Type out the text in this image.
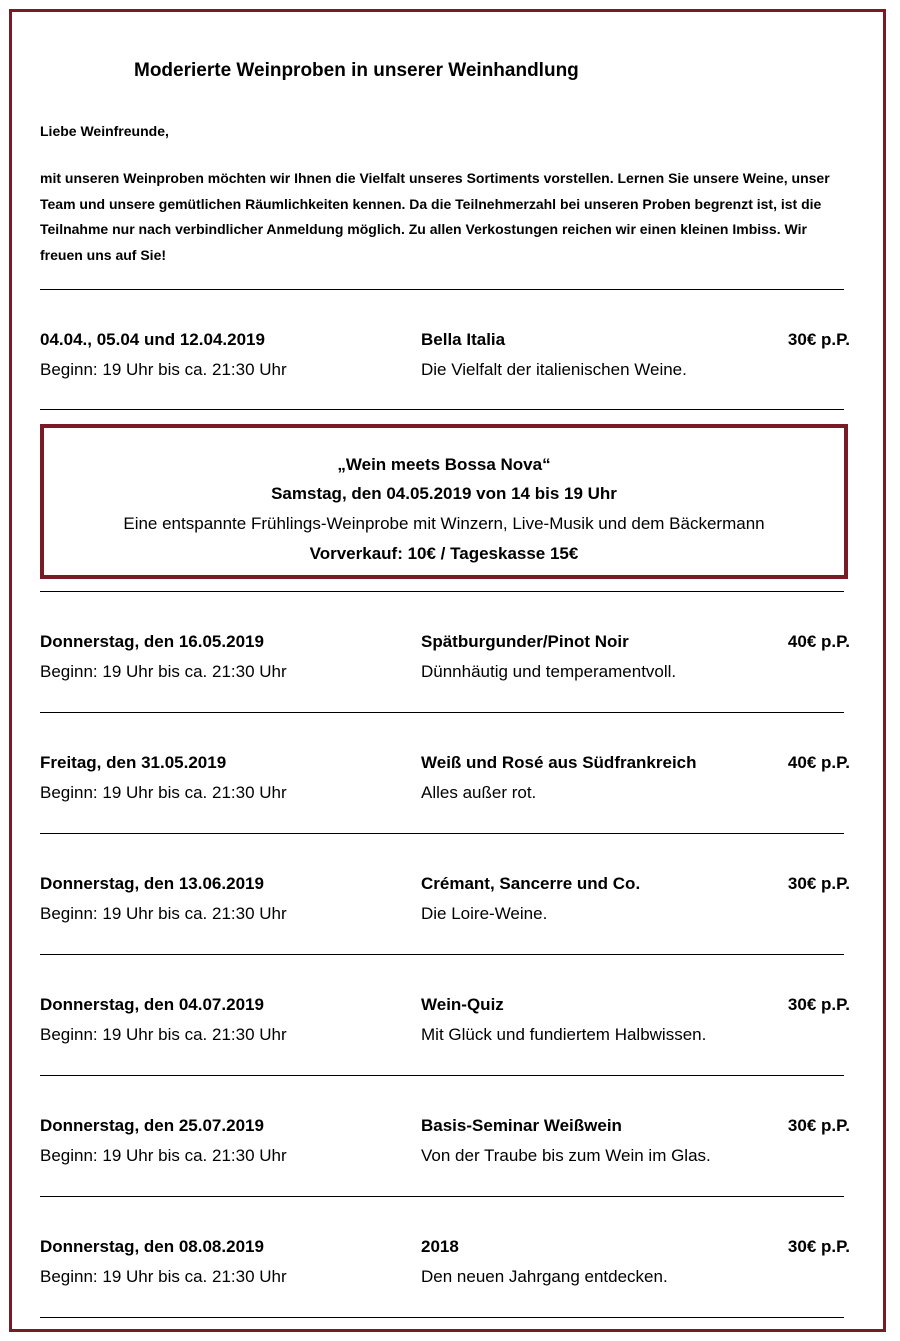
Moderierte Weinproben in unserer Weinhandlung
Liebe Weinfreunde,
mit unseren Weinproben möchten wir Ihnen die Vielfalt unseres Sortiments vorstellen. Lernen Sie unsere Weine, unser Team und unsere gemütlichen Räumlichkeiten kennen. Da die Teilnehmerzahl bei unseren Proben begrenzt ist, ist die Teilnahme nur nach verbindlicher Anmeldung möglich. Zu allen Verkostungen reichen wir einen kleinen Imbiss. Wir freuen uns auf Sie!
04.04., 05.04 und 12.04.2019
Beginn: 19 Uhr bis ca. 21:30 Uhr
Bella Italia
Die Vielfalt der italienischen Weine.
30€ p.P.
„Wein meets Bossa Nova“
Samstag, den 04.05.2019 von 14 bis 19 Uhr
Eine entspannte Frühlings-Weinprobe mit Winzern, Live-Musik und dem Bäckermann
Vorverkauf: 10€ / Tageskasse 15€
Donnerstag, den 16.05.2019
Beginn: 19 Uhr bis ca. 21:30 Uhr
Spätburgunder/Pinot Noir
Dünnhäutig und temperamentvoll.
40€ p.P.
Freitag, den 31.05.2019
Beginn: 19 Uhr bis ca. 21:30 Uhr
Weiß und Rosé aus Südfrankreich
Alles außer rot.
40€ p.P.
Donnerstag, den 13.06.2019
Beginn: 19 Uhr bis ca. 21:30 Uhr
Crémant, Sancerre und Co.
Die Loire-Weine.
30€ p.P.
Donnerstag, den 04.07.2019
Beginn: 19 Uhr bis ca. 21:30 Uhr
Wein-Quiz
Mit Glück und fundiertem Halbwissen.
30€ p.P.
Donnerstag, den 25.07.2019
Beginn: 19 Uhr bis ca. 21:30 Uhr
Basis-Seminar Weißwein
Von der Traube bis zum Wein im Glas.
30€ p.P.
Donnerstag, den 08.08.2019
Beginn: 19 Uhr bis ca. 21:30 Uhr
2018
Den neuen Jahrgang entdecken.
30€ p.P.
